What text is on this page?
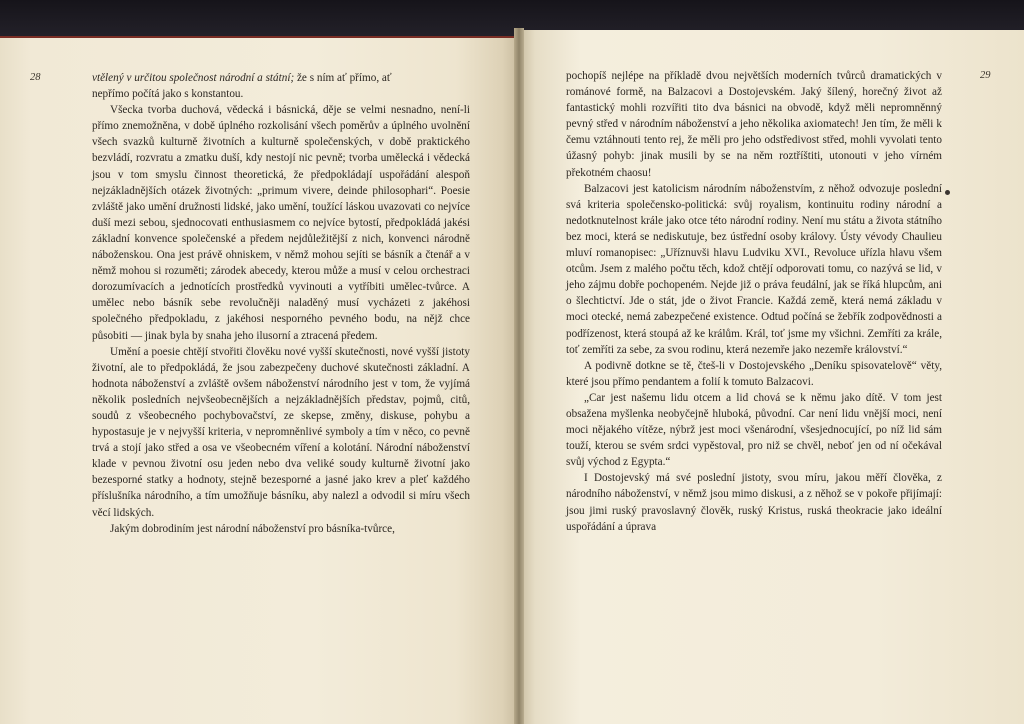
28	29

vtělený v určitou společnost národní a státní; že s ním ať přímo, ať

nepřímo počítá jako s konstantou.

Všecka tvorba duchová, vědecká i básnická, děje se velmi nesnadno, není-li přímo znemožněna, v době úplného rozkolisání všech poměrův a úplného uvolnění všech svazků kulturně životních a kulturně společenských, v době praktického bezvládí, rozvratu a zmatku duší, kdy nestojí nic pevně; tvorba umělecká i vědecká jsou v tom smyslu činnost theoretická, že předpokládají uspořádání alespoň nejzákladnějších otázek životných: „primum vivere, deinde philosophari“. Poesie zvláště jako umění družnosti lidské, jako umění, toužící láskou uvazovati co nejvíce duší mezi sebou, sjednocovati enthusiasmem co nejvíce bytostí, předpokládá jakési základní konvence společenské a předem nejdůležitější z nich, konvenci národně náboženskou. Ona jest právě ohniskem, v němž mohou sejíti se básník a čtenář a v němž mohou si rozuměti; zárodek abecedy, kterou může a musí v celou orchestraci dorozumívacích a jednotících prostředků vyvinouti a vytříbiti umělec-tvůrce. A umělec nebo básník sebe revolučněji naladěný musí vycházeti z jakéhosi společného předpokladu, z jakéhosi nesporného pevného bodu, na nějž chce působiti — jinak byla by snaha jeho ilusorní a ztracená předem.

Umění a poesie chtějí stvořiti člověku nové vyšší skutečnosti, nové vyšší jistoty životní, ale to předpokládá, že jsou zabezpečeny duchové skutečnosti základní. A hodnota náboženství a zvláště ovšem náboženství národního jest v tom, že vyjímá několik posledních nejvšeobecnějších a nejzákladnějších představ, pojmů, citů, soudů z všeobecného pochybovačství, ze skepse, změny, diskuse, pohybu a hypostasuje je v nejvyšší kriteria, v nepromněnlivé symboly a tím v něco, co pevně trvá a stojí jako střed a osa ve všeobecném víření a kolotání. Národní náboženství klade v pevnou životní osu jeden nebo dva veliké soudy kulturně životní jako bezesporné statky a hodnoty, stejně bezesporné a jasné jako krev a pleť každého příslušníka národního, a tím umožňuje básníku, aby nalezl a odvodil si míru všech věcí lidských.

Jakým dobrodiním jest národní náboženství pro básníka-tvůrce,

pochopíš nejlépe na příkladě dvou největších moderních tvůrců dramatických v románové formě, na Balzacovi a Dostojevském. Jaký šílený, horečný život až fantastický mohli rozvířiti tito dva básnici na obvodě, když měli nepromněnný pevný střed v národním náboženství a jeho několika axiomatech! Jen tím, že měli k čemu vztáhnouti tento rej, že měli pro jeho odstředivost střed, mohli vyvolati tento úžasný pohyb: jinak musili by se na něm roztříštiti, utonouti v jeho vírném překotném chaosu!

Balzacovi jest katolicism národním náboženstvím, z něhož odvozuje poslední svá kriteria společensko-politická: svůj royalism, kontinuitu rodiny národní a nedotknutelnost krále jako otce této národní rodiny. Není mu státu a života státního bez moci, která se nediskutuje, bez ústřední osoby královy. Ústy vévody Chaulieu mluví romanopisec: „Uříznuvši hlavu Ludviku XVI., Revoluce uřízla hlavu všem otcům. Jsem z malého počtu těch, kdož chtějí odporovati tomu, co nazývá se lid, v jeho zájmu dobře pochopeném. Nejde již o práva feudální, jak se říká hlupcům, ani o šlechtictví. Jde o stát, jde o život Francie. Každá země, která nemá základu v moci otecké, nemá zabezpečené existence. Odtud počíná se žebřík zodpovědnosti a podřízenost, která stoupá až ke králům. Král, toť jsme my všichni. Zemříti za krále, toť zemříti za sebe, za svou rodinu, která nezemře jako nezemře království.“

A podivně dotkne se tě, čteš-li v Dostojevského „Deníku spisovatelově“ věty, které jsou přímo pendantem a folií k tomuto Balzacovi.

„Car jest našemu lidu otcem a lid chová se k němu jako dítě. V tom jest obsažena myšlenka neobyčejně hluboká, původní. Car není lidu vnější moci, není moci nějakého vítěze, nýbrž jest moci všenárodní, všesjednocující, po níž lid sám touží, kterou se svém srdci vypěstoval, pro niž se chvěl, neboť jen od ní očekával svůj východ z Egypta.“

I Dostojevský má své poslední jistoty, svou míru, jakou měří člověka, z národního náboženství, v němž jsou mimo diskusi, a z něhož se v pokoře přijímají: jsou jimi ruský pravoslavný člověk, ruský Kristus, ruská theokracie jako ideální uspořádání a úprava
